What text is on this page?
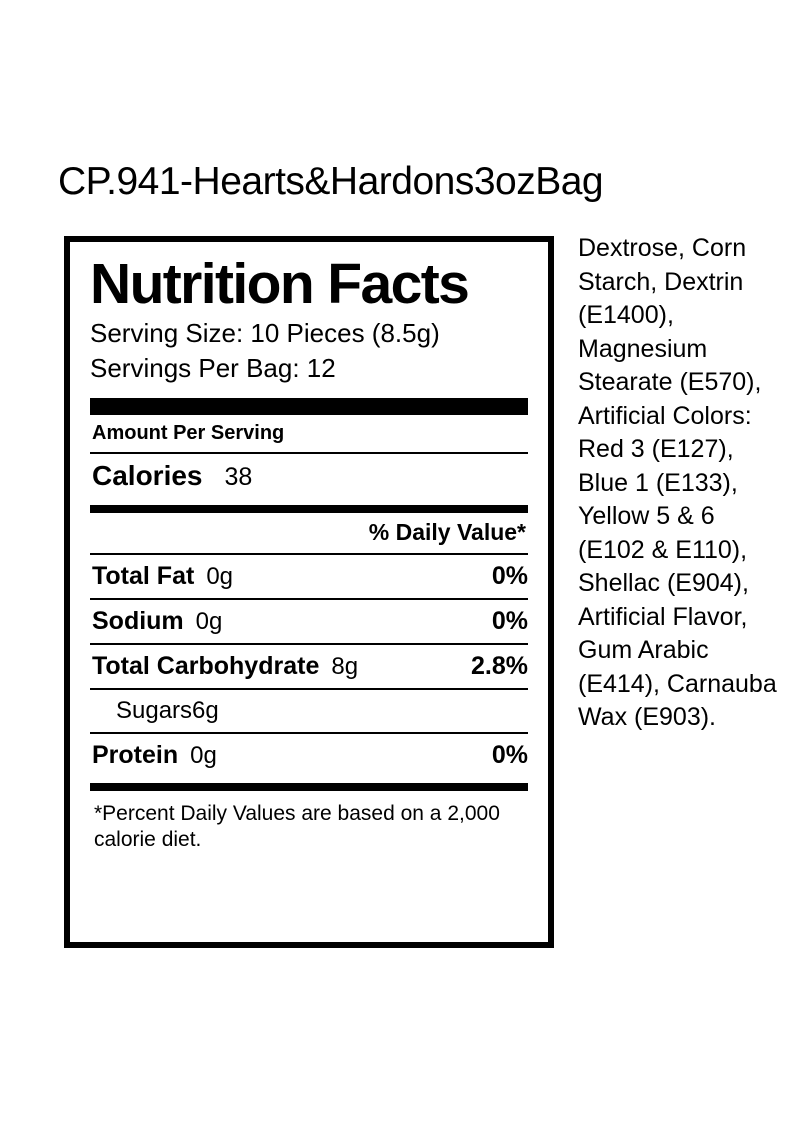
CP.941-Hearts&Hardons3ozBag
Nutrition Facts
Serving Size: 10 Pieces (8.5g)
Servings Per Bag: 12
Amount Per Serving
Calories 38
% Daily Value*
Total Fat 0g	0%
Sodium 0g	0%
Total Carbohydrate 8g	2.8%
Sugars 6g
Protein 0g	0%
*Percent Daily Values are based on a 2,000 calorie diet.
Dextrose, Corn Starch, Dextrin (E1400), Magnesium Stearate (E570), Artificial Colors: Red 3 (E127), Blue 1 (E133), Yellow 5 & 6 (E102 & E110), Shellac (E904), Artificial Flavor, Gum Arabic (E414), Carnauba Wax (E903).
